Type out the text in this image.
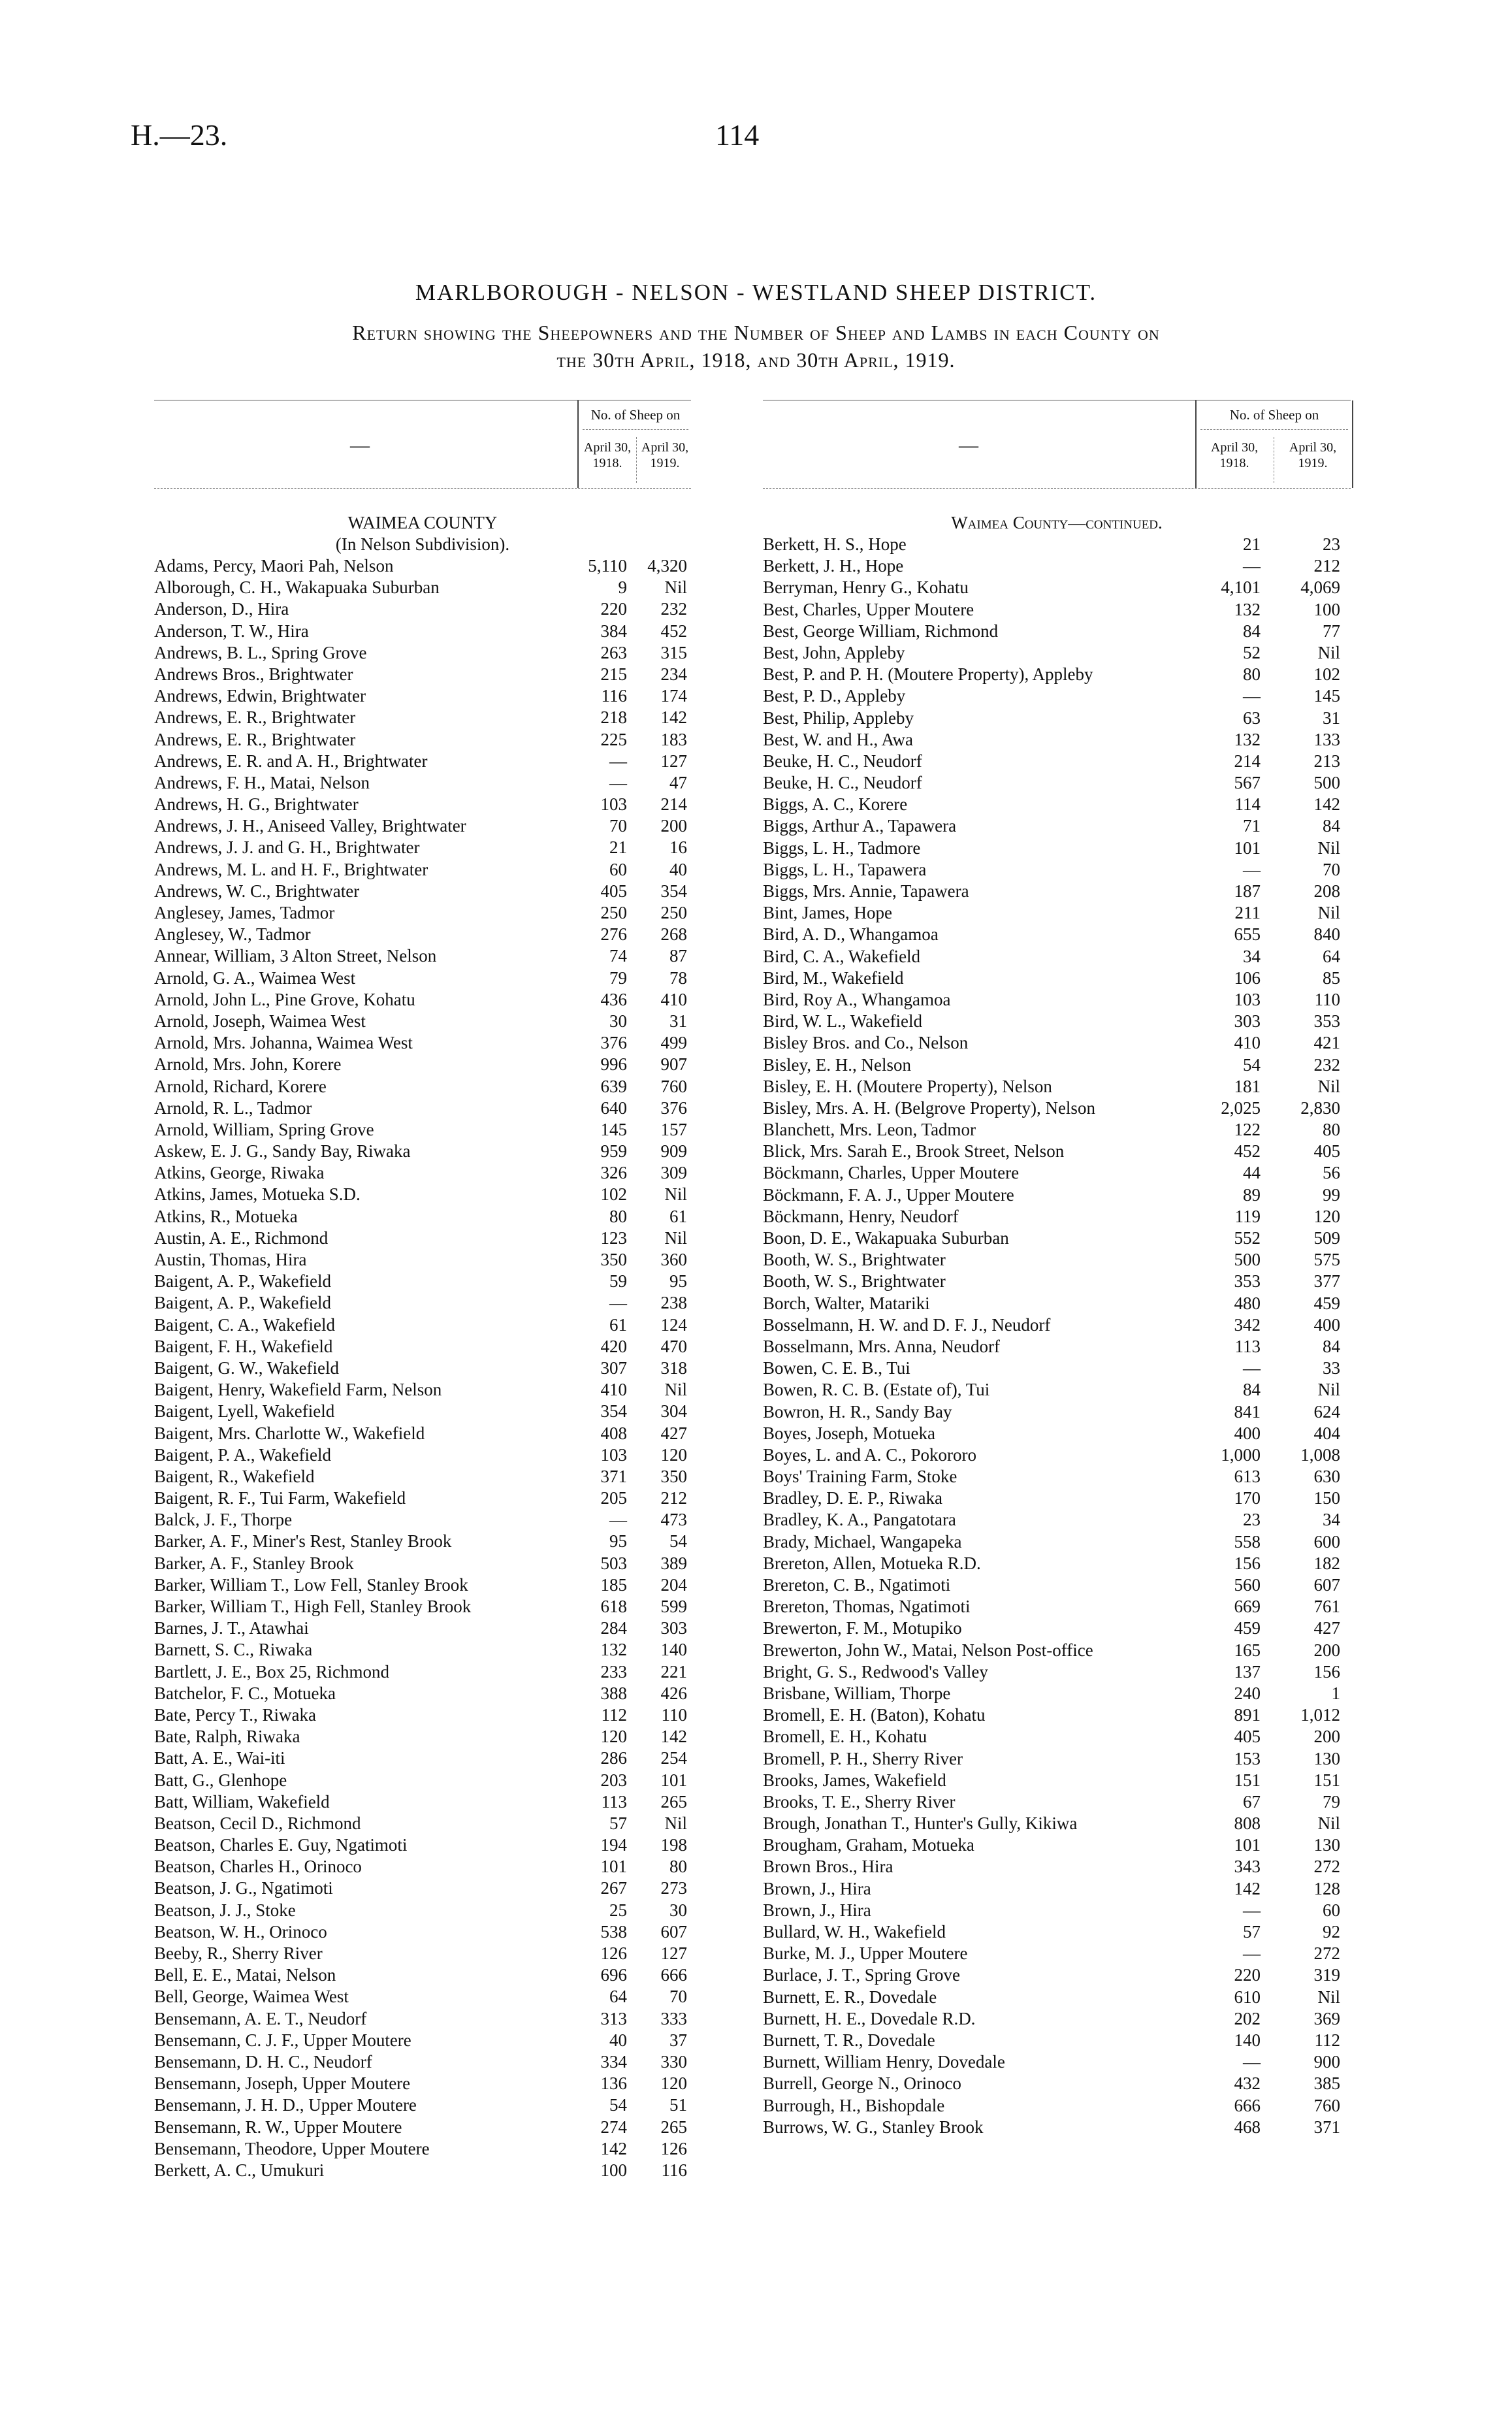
H.—23.	114
MARLBOROUGH - NELSON - WESTLAND SHEEP DISTRICT.
Return showing the Sheepowners and the Number of Sheep and Lambs in each County on
the 30th April, 1918, and 30th April, 1919.
—
No. of Sheep on
April 30, 1918.
April 30, 1919.
WAIMEA COUNTY
(In Nelson Subdivision).
Adams, Percy, Maori Pah, Nelson	5,110	4,320
Alborough, C. H., Wakapuaka Suburban	9	Nil
Anderson, D., Hira	220	232
Anderson, T. W., Hira	384	452
Andrews, B. L., Spring Grove	263	315
Andrews Bros., Brightwater	215	234
Andrews, Edwin, Brightwater	116	174
Andrews, E. R., Brightwater	218	142
Andrews, E. R., Brightwater	225	183
Andrews, E. R. and A. H., Brightwater	—	127
Andrews, F. H., Matai, Nelson	—	47
Andrews, H. G., Brightwater	103	214
Andrews, J. H., Aniseed Valley, Brightwater	70	200
Andrews, J. J. and G. H., Brightwater	21	16
Andrews, M. L. and H. F., Brightwater	60	40
Andrews, W. C., Brightwater	405	354
Anglesey, James, Tadmor	250	250
Anglesey, W., Tadmor	276	268
Annear, William, 3 Alton Street, Nelson	74	87
Arnold, G. A., Waimea West	79	78
Arnold, John L., Pine Grove, Kohatu	436	410
Arnold, Joseph, Waimea West	30	31
Arnold, Mrs. Johanna, Waimea West	376	499
Arnold, Mrs. John, Korere	996	907
Arnold, Richard, Korere	639	760
Arnold, R. L., Tadmor	640	376
Arnold, William, Spring Grove	145	157
Askew, E. J. G., Sandy Bay, Riwaka	959	909
Atkins, George, Riwaka	326	309
Atkins, James, Motueka S.D.	102	Nil
Atkins, R., Motueka	80	61
Austin, A. E., Richmond	123	Nil
Austin, Thomas, Hira	350	360
Baigent, A. P., Wakefield	59	95
Baigent, A. P., Wakefield	—	238
Baigent, C. A., Wakefield	61	124
Baigent, F. H., Wakefield	420	470
Baigent, G. W., Wakefield	307	318
Baigent, Henry, Wakefield Farm, Nelson	410	Nil
Baigent, Lyell, Wakefield	354	304
Baigent, Mrs. Charlotte W., Wakefield	408	427
Baigent, P. A., Wakefield	103	120
Baigent, R., Wakefield	371	350
Baigent, R. F., Tui Farm, Wakefield	205	212
Balck, J. F., Thorpe	—	473
Barker, A. F., Miner's Rest, Stanley Brook	95	54
Barker, A. F., Stanley Brook	503	389
Barker, William T., Low Fell, Stanley Brook	185	204
Barker, William T., High Fell, Stanley Brook	618	599
Barnes, J. T., Atawhai	284	303
Barnett, S. C., Riwaka	132	140
Bartlett, J. E., Box 25, Richmond	233	221
Batchelor, F. C., Motueka	388	426
Bate, Percy T., Riwaka	112	110
Bate, Ralph, Riwaka	120	142
Batt, A. E., Wai-iti	286	254
Batt, G., Glenhope	203	101
Batt, William, Wakefield	113	265
Beatson, Cecil D., Richmond	57	Nil
Beatson, Charles E. Guy, Ngatimoti	194	198
Beatson, Charles H., Orinoco	101	80
Beatson, J. G., Ngatimoti	267	273
Beatson, J. J., Stoke	25	30
Beatson, W. H., Orinoco	538	607
Beeby, R., Sherry River	126	127
Bell, E. E., Matai, Nelson	696	666
Bell, George, Waimea West	64	70
Bensemann, A. E. T., Neudorf	313	333
Bensemann, C. J. F., Upper Moutere	40	37
Bensemann, D. H. C., Neudorf	334	330
Bensemann, Joseph, Upper Moutere	136	120
Bensemann, J. H. D., Upper Moutere	54	51
Bensemann, R. W., Upper Moutere	274	265
Bensemann, Theodore, Upper Moutere	142	126
Berkett, A. C., Umukuri	100	116
—
No. of Sheep on
April 30, 1918.
April 30, 1919.
Waimea County—continued.
Berkett, H. S., Hope	21	23
Berkett, J. H., Hope	—	212
Berryman, Henry G., Kohatu	4,101	4,069
Best, Charles, Upper Moutere	132	100
Best, George William, Richmond	84	77
Best, John, Appleby	52	Nil
Best, P. and P. H. (Moutere Property), Appleby	80	102
Best, P. D., Appleby	—	145
Best, Philip, Appleby	63	31
Best, W. and H., Awa	132	133
Beuke, H. C., Neudorf	214	213
Beuke, H. C., Neudorf	567	500
Biggs, A. C., Korere	114	142
Biggs, Arthur A., Tapawera	71	84
Biggs, L. H., Tadmore	101	Nil
Biggs, L. H., Tapawera	—	70
Biggs, Mrs. Annie, Tapawera	187	208
Bint, James, Hope	211	Nil
Bird, A. D., Whangamoa	655	840
Bird, C. A., Wakefield	34	64
Bird, M., Wakefield	106	85
Bird, Roy A., Whangamoa	103	110
Bird, W. L., Wakefield	303	353
Bisley Bros. and Co., Nelson	410	421
Bisley, E. H., Nelson	54	232
Bisley, E. H. (Moutere Property), Nelson	181	Nil
Bisley, Mrs. A. H. (Belgrove Property), Nelson	2,025	2,830
Blanchett, Mrs. Leon, Tadmor	122	80
Blick, Mrs. Sarah E., Brook Street, Nelson	452	405
Böckmann, Charles, Upper Moutere	44	56
Böckmann, F. A. J., Upper Moutere	89	99
Böckmann, Henry, Neudorf	119	120
Boon, D. E., Wakapuaka Suburban	552	509
Booth, W. S., Brightwater	500	575
Booth, W. S., Brightwater	353	377
Borch, Walter, Matariki	480	459
Bosselmann, H. W. and D. F. J., Neudorf	342	400
Bosselmann, Mrs. Anna, Neudorf	113	84
Bowen, C. E. B., Tui	—	33
Bowen, R. C. B. (Estate of), Tui	84	Nil
Bowron, H. R., Sandy Bay	841	624
Boyes, Joseph, Motueka	400	404
Boyes, L. and A. C., Pokororo	1,000	1,008
Boys' Training Farm, Stoke	613	630
Bradley, D. E. P., Riwaka	170	150
Bradley, K. A., Pangatotara	23	34
Brady, Michael, Wangapeka	558	600
Brereton, Allen, Motueka R.D.	156	182
Brereton, C. B., Ngatimoti	560	607
Brereton, Thomas, Ngatimoti	669	761
Brewerton, F. M., Motupiko	459	427
Brewerton, John W., Matai, Nelson Post-office	165	200
Bright, G. S., Redwood's Valley	137	156
Brisbane, William, Thorpe	240	1
Bromell, E. H. (Baton), Kohatu	891	1,012
Bromell, E. H., Kohatu	405	200
Bromell, P. H., Sherry River	153	130
Brooks, James, Wakefield	151	151
Brooks, T. E., Sherry River	67	79
Brough, Jonathan T., Hunter's Gully, Kikiwa	808	Nil
Brougham, Graham, Motueka	101	130
Brown Bros., Hira	343	272
Brown, J., Hira	142	128
Brown, J., Hira	—	60
Bullard, W. H., Wakefield	57	92
Burke, M. J., Upper Moutere	—	272
Burlace, J. T., Spring Grove	220	319
Burnett, E. R., Dovedale	610	Nil
Burnett, H. E., Dovedale R.D.	202	369
Burnett, T. R., Dovedale	140	112
Burnett, William Henry, Dovedale	—	900
Burrell, George N., Orinoco	432	385
Burrough, H., Bishopdale	666	760
Burrows, W. G., Stanley Brook	468	371
